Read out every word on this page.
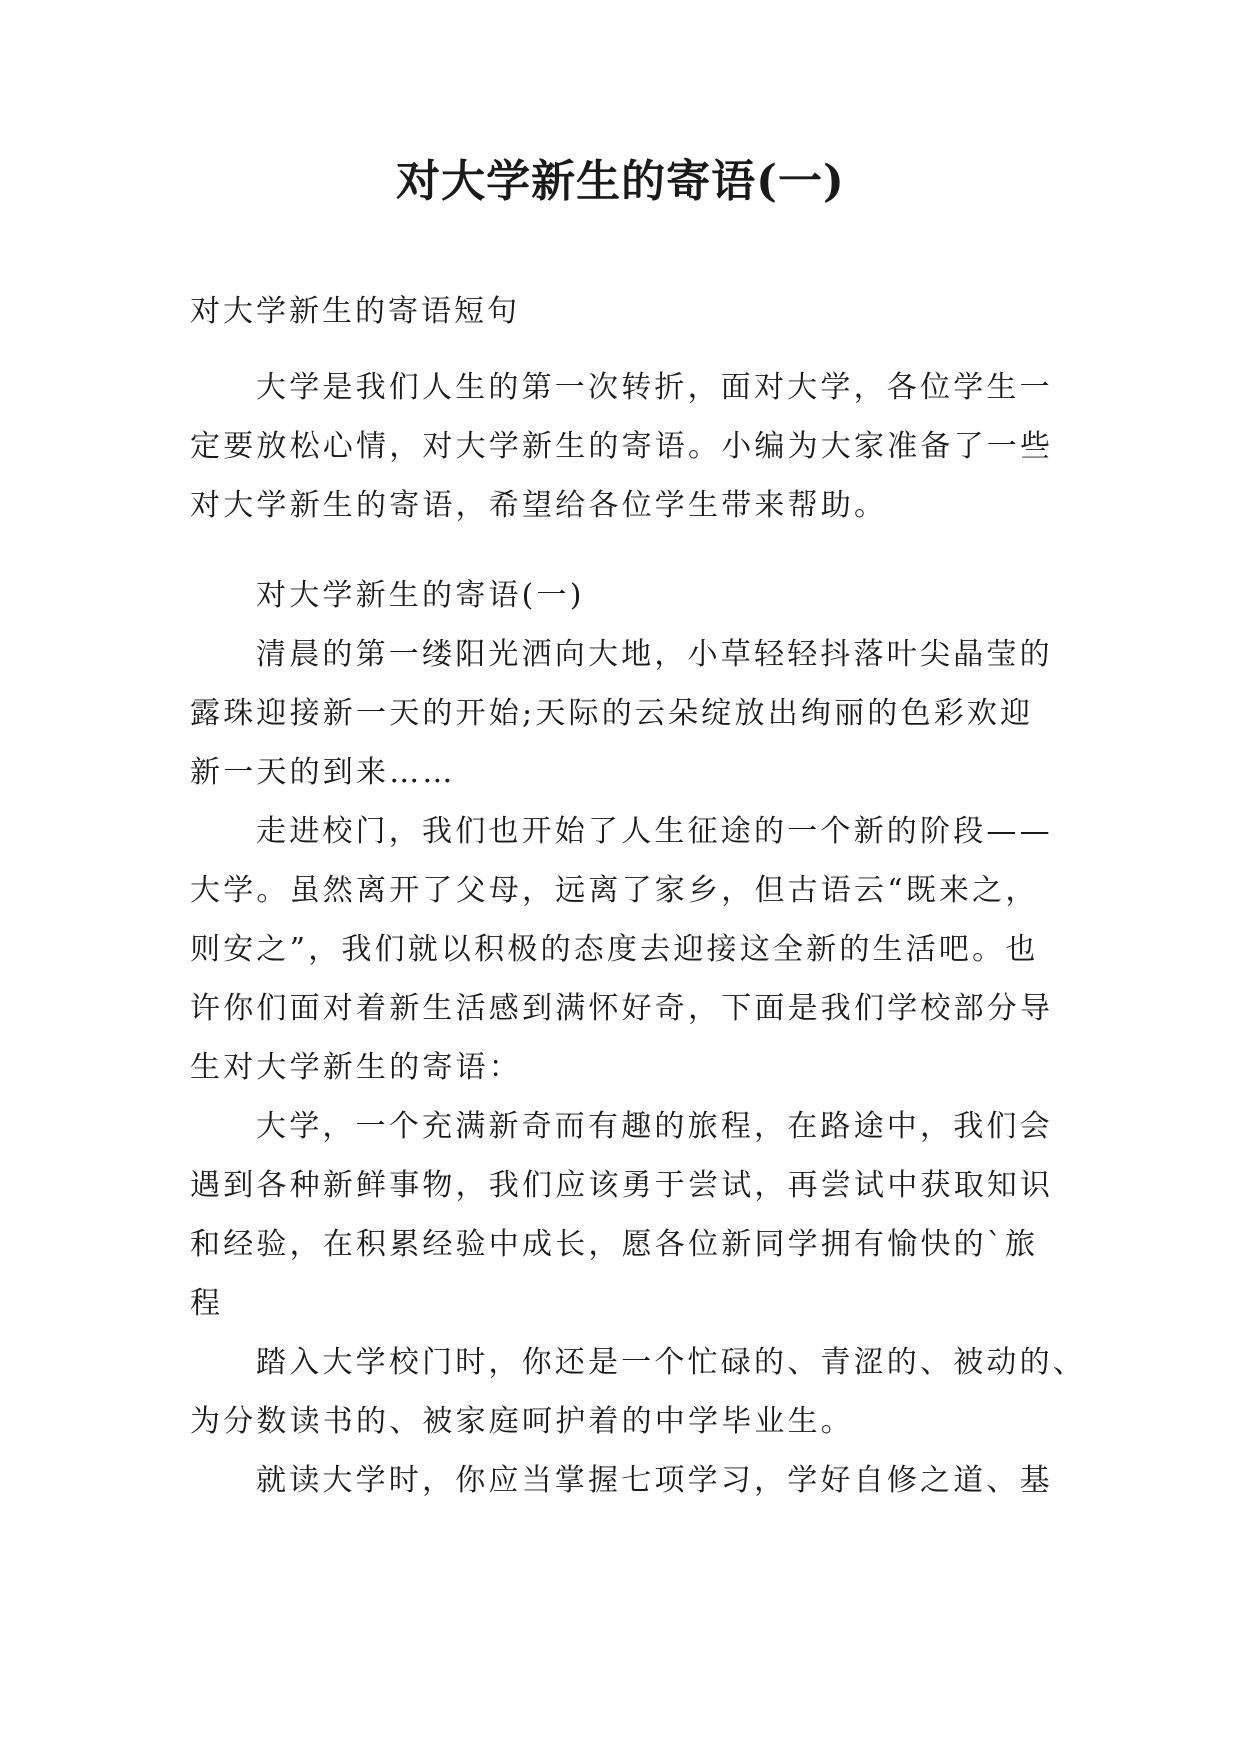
对大学新生的寄语(一)

对大学新生的寄语短句

大学是我们人生的第一次转折，面对大学，各位学生一
定要放松心情，对大学新生的寄语。小编为大家准备了一些
对大学新生的寄语，希望给各位学生带来帮助。
对大学新生的寄语(一)
清晨的第一缕阳光洒向大地，小草轻轻抖落叶尖晶莹的
露珠迎接新一天的开始;天际的云朵绽放出绚丽的色彩欢迎
新一天的到来……
走进校门，我们也开始了人生征途的一个新的阶段——
大学。虽然离开了父母，远离了家乡，但古语云“既来之，
则安之”，我们就以积极的态度去迎接这全新的生活吧。也
许你们面对着新生活感到满怀好奇，下面是我们学校部分导
生对大学新生的寄语：
大学，一个充满新奇而有趣的旅程，在路途中，我们会
遇到各种新鲜事物，我们应该勇于尝试，再尝试中获取知识
和经验，在积累经验中成长，愿各位新同学拥有愉快的`旅
程
踏入大学校门时，你还是一个忙碌的、青涩的、被动的、
为分数读书的、被家庭呵护着的中学毕业生。
就读大学时，你应当掌握七项学习，学好自修之道、基
